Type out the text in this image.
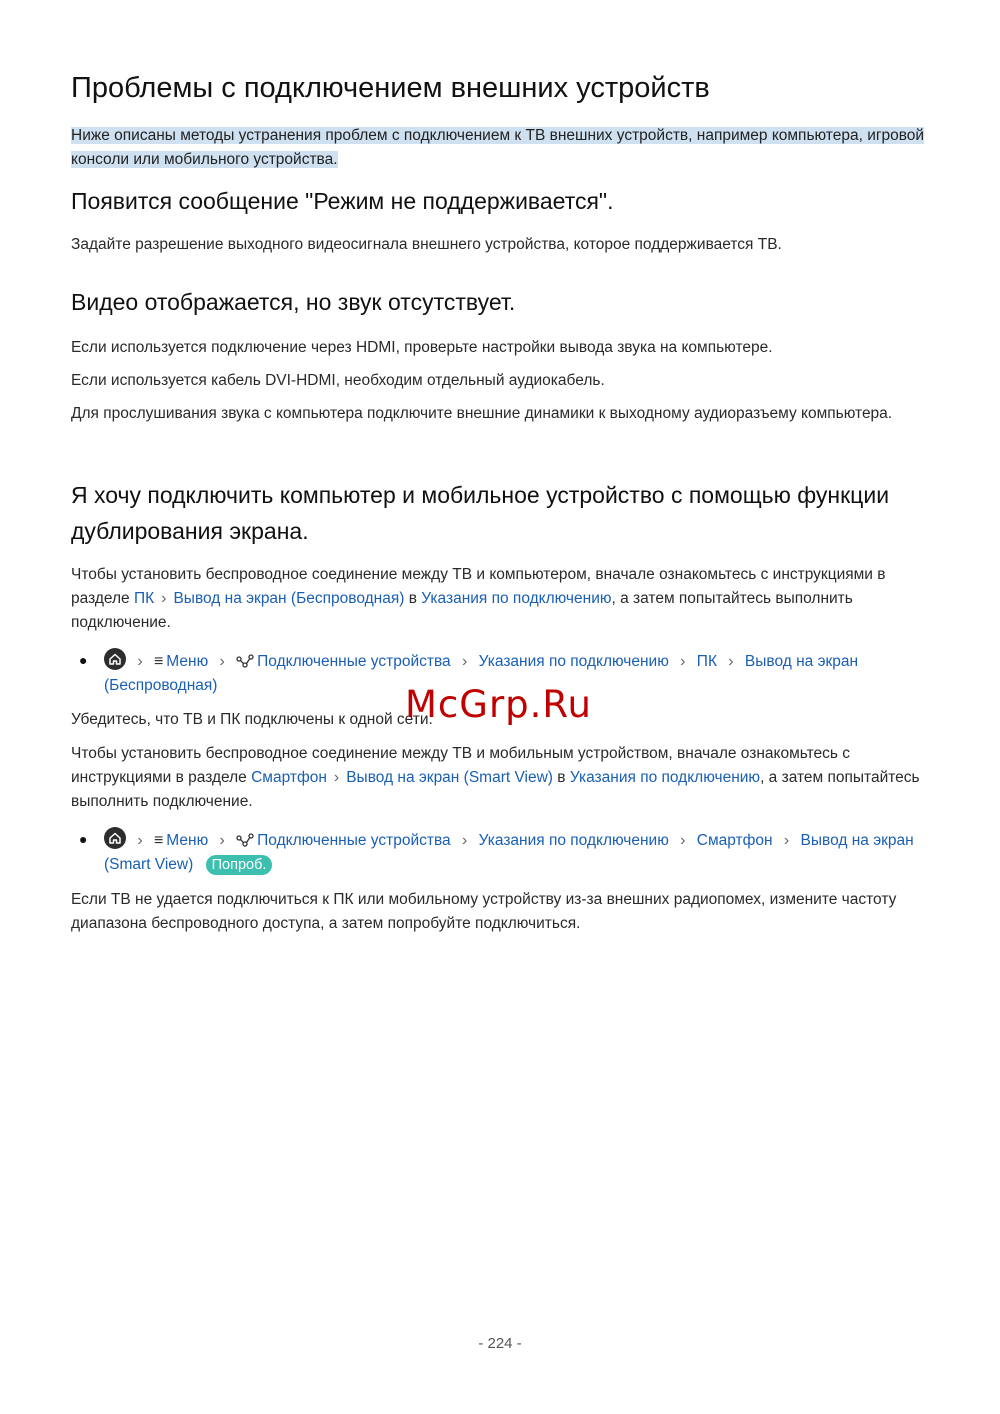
Проблемы с подключением внешних устройств

Ниже описаны методы устранения проблем с подключением к ТВ внешних устройств, например компьютера, игровой консоли или мобильного устройства.

Появится сообщение "Режим не поддерживается".

Задайте разрешение выходного видеосигнала внешнего устройства, которое поддерживается ТВ.

Видео отображается, но звук отсутствует.

Если используется подключение через HDMI, проверьте настройки вывода звука на компьютере.

Если используется кабель DVI-HDMI, необходим отдельный аудиокабель.

Для прослушивания звука с компьютера подключите внешние динамики к выходному аудиоразъему компьютера.

Я хочу подключить компьютер и мобильное устройство с помощью функции дублирования экрана.

Чтобы установить беспроводное соединение между ТВ и компьютером, вначале ознакомьтесь с инструкциями в разделе ПК › Вывод на экран (Беспроводная) в Указания по подключению, а затем попытайтесь выполнить подключение.

●	› ≡ Меню › Подключенные устройства › Указания по подключению › ПК › Вывод на экран (Беспроводная)

Убедитесь, что ТВ и ПК подключены к одной сети.

Чтобы установить беспроводное соединение между ТВ и мобильным устройством, вначале ознакомьтесь с инструкциями в разделе Смартфон › Вывод на экран (Smart View) в Указания по подключению, а затем попытайтесь выполнить подключение.

●	› ≡ Меню › Подключенные устройства › Указания по подключению › Смартфон › Вывод на экран (Smart View) Попроб.

Если ТВ не удается подключиться к ПК или мобильному устройству из-за внешних радиопомех, измените частоту диапазона беспроводного доступа, а затем попробуйте подключиться.

McGrp.Ru
- 224 -
